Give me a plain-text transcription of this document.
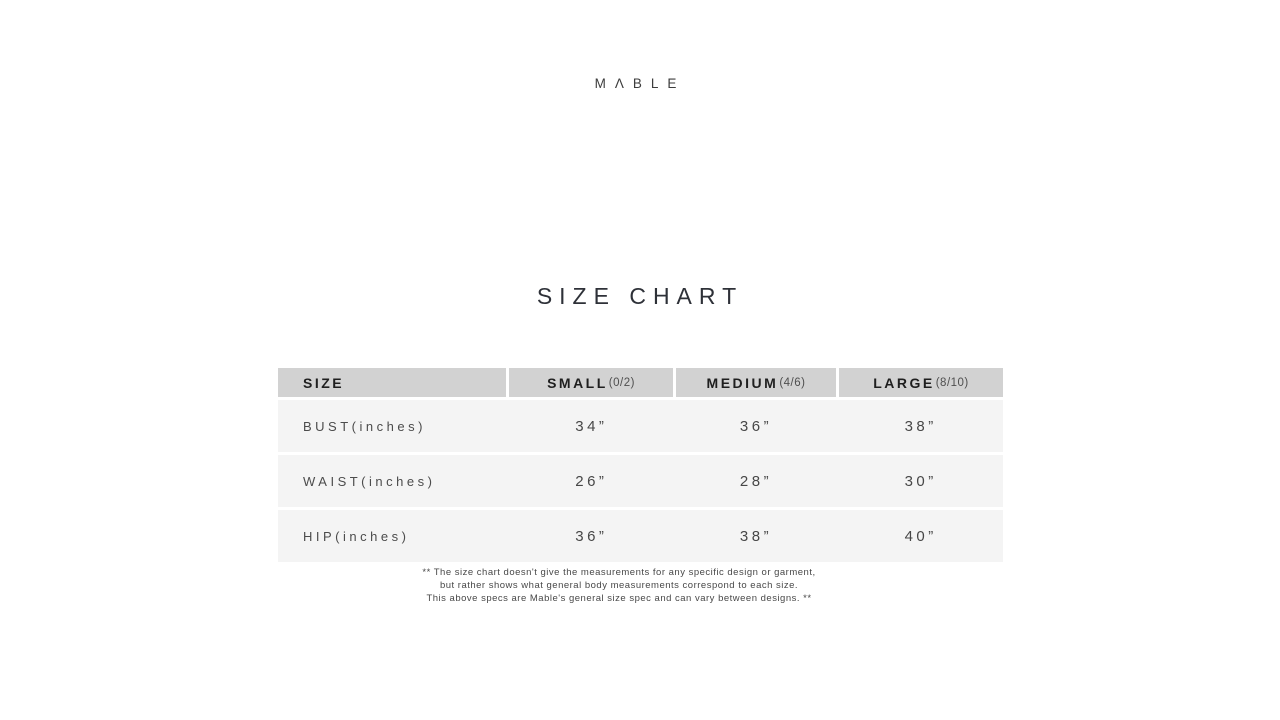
MΛBLE
SIZE CHART
SIZE	SMALL (0/2)	MEDIUM (4/6)	LARGE (8/10)
BUST(inches)	34”	36”	38”
WAIST(inches)	26”	28”	30”
HIP(inches)	36”	38”	40”
** The size chart doesn't give the measurements for any specific design or garment,
but rather shows what general body measurements correspond to each size.
This above specs are Mable's general size spec and can vary between designs. **
